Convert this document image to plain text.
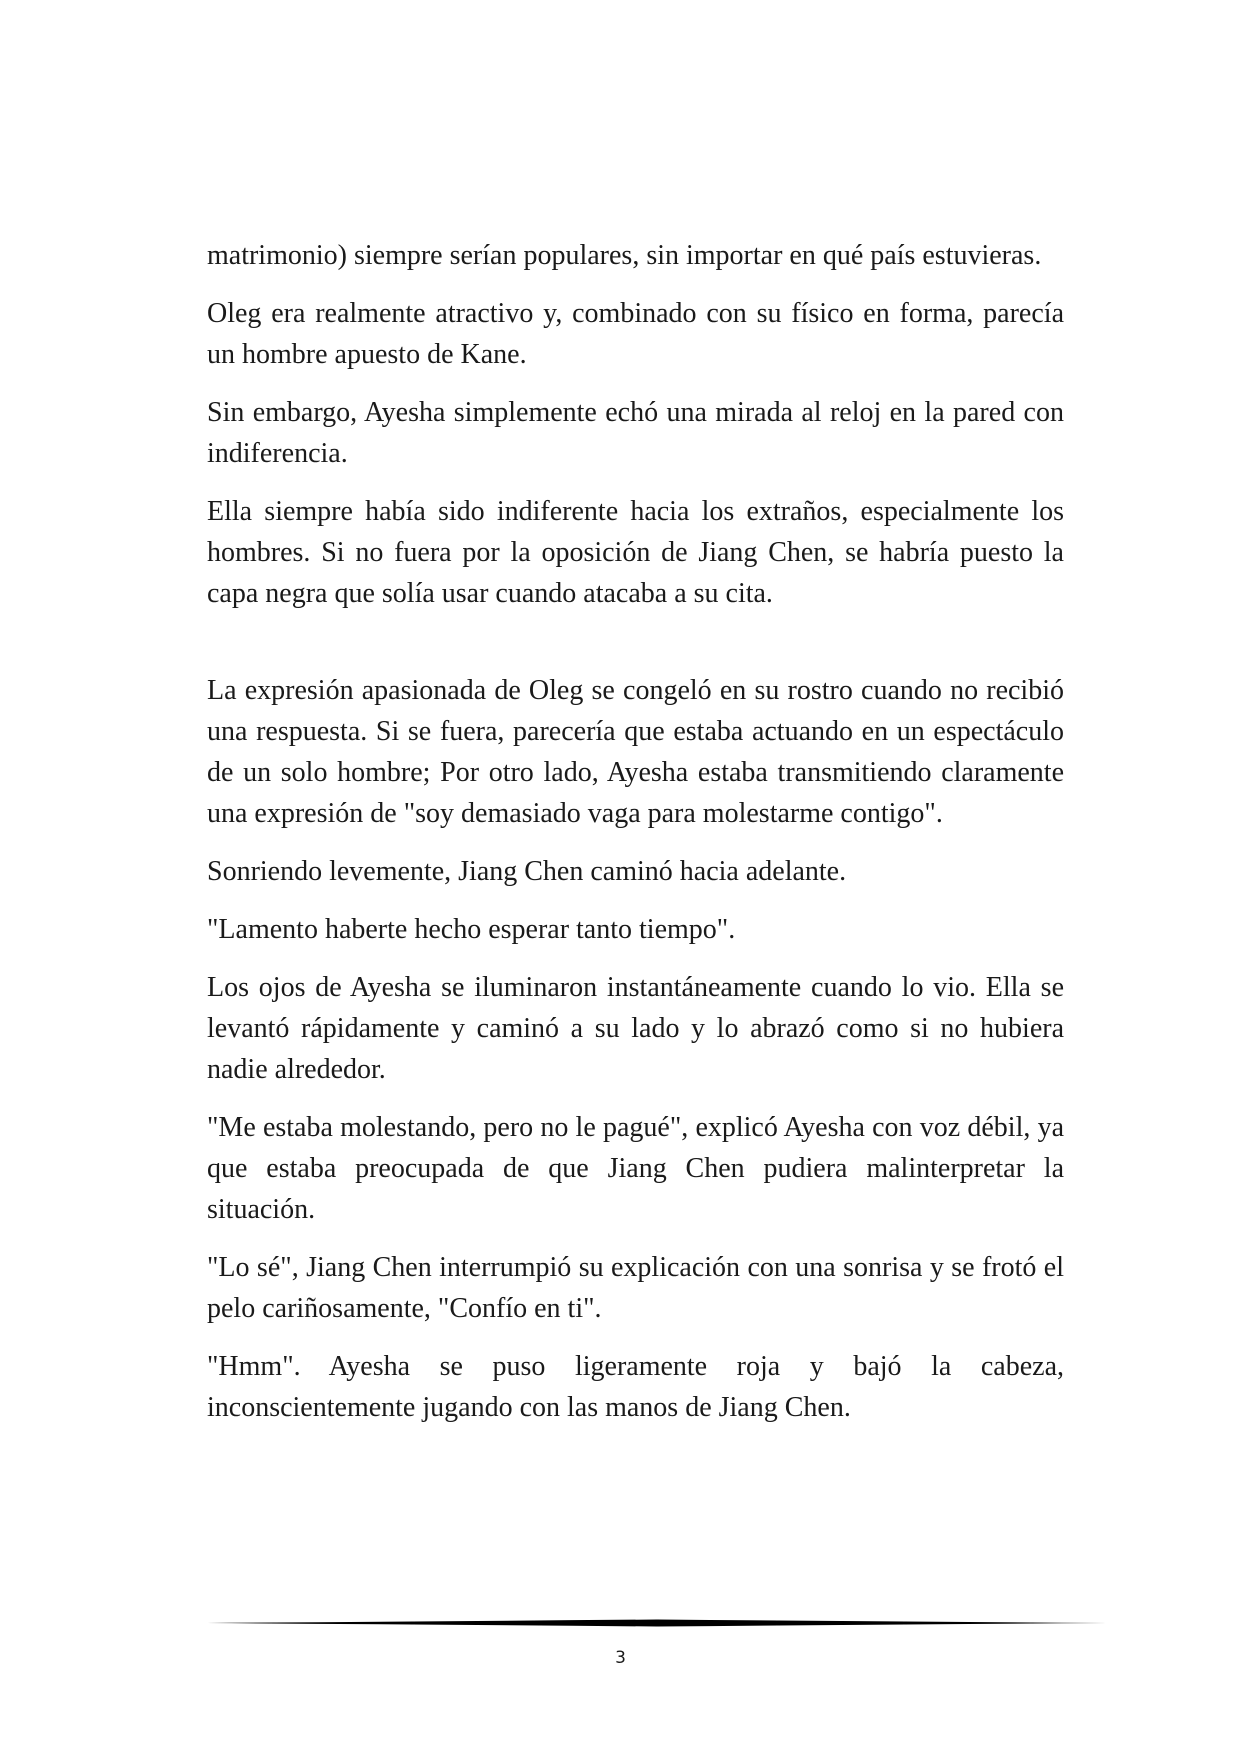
matrimonio) siempre serían populares, sin importar en qué país estuvieras.

Oleg era realmente atractivo y, combinado con su físico en forma, parecía un hombre apuesto de Kane.

Sin embargo, Ayesha simplemente echó una mirada al reloj en la pared con indiferencia.

Ella siempre había sido indiferente hacia los extraños, especialmente los hombres. Si no fuera por la oposición de Jiang Chen, se habría puesto la capa negra que solía usar cuando atacaba a su cita.

La expresión apasionada de Oleg se congeló en su rostro cuando no recibió una respuesta. Si se fuera, parecería que estaba actuando en un espectáculo de un solo hombre; Por otro lado, Ayesha estaba transmitiendo claramente una expresión de "soy demasiado vaga para molestarme contigo".

Sonriendo levemente, Jiang Chen caminó hacia adelante.

"Lamento haberte hecho esperar tanto tiempo".

Los ojos de Ayesha se iluminaron instantáneamente cuando lo vio. Ella se levantó rápidamente y caminó a su lado y lo abrazó como si no hubiera nadie alrededor.

"Me estaba molestando, pero no le pagué", explicó Ayesha con voz débil, ya que estaba preocupada de que Jiang Chen pudiera malinterpretar la situación.

"Lo sé", Jiang Chen interrumpió su explicación con una sonrisa y se frotó el pelo cariñosamente, "Confío en ti".

"Hmm". Ayesha se puso ligeramente roja y bajó la cabeza, inconscientemente jugando con las manos de Jiang Chen.

3
